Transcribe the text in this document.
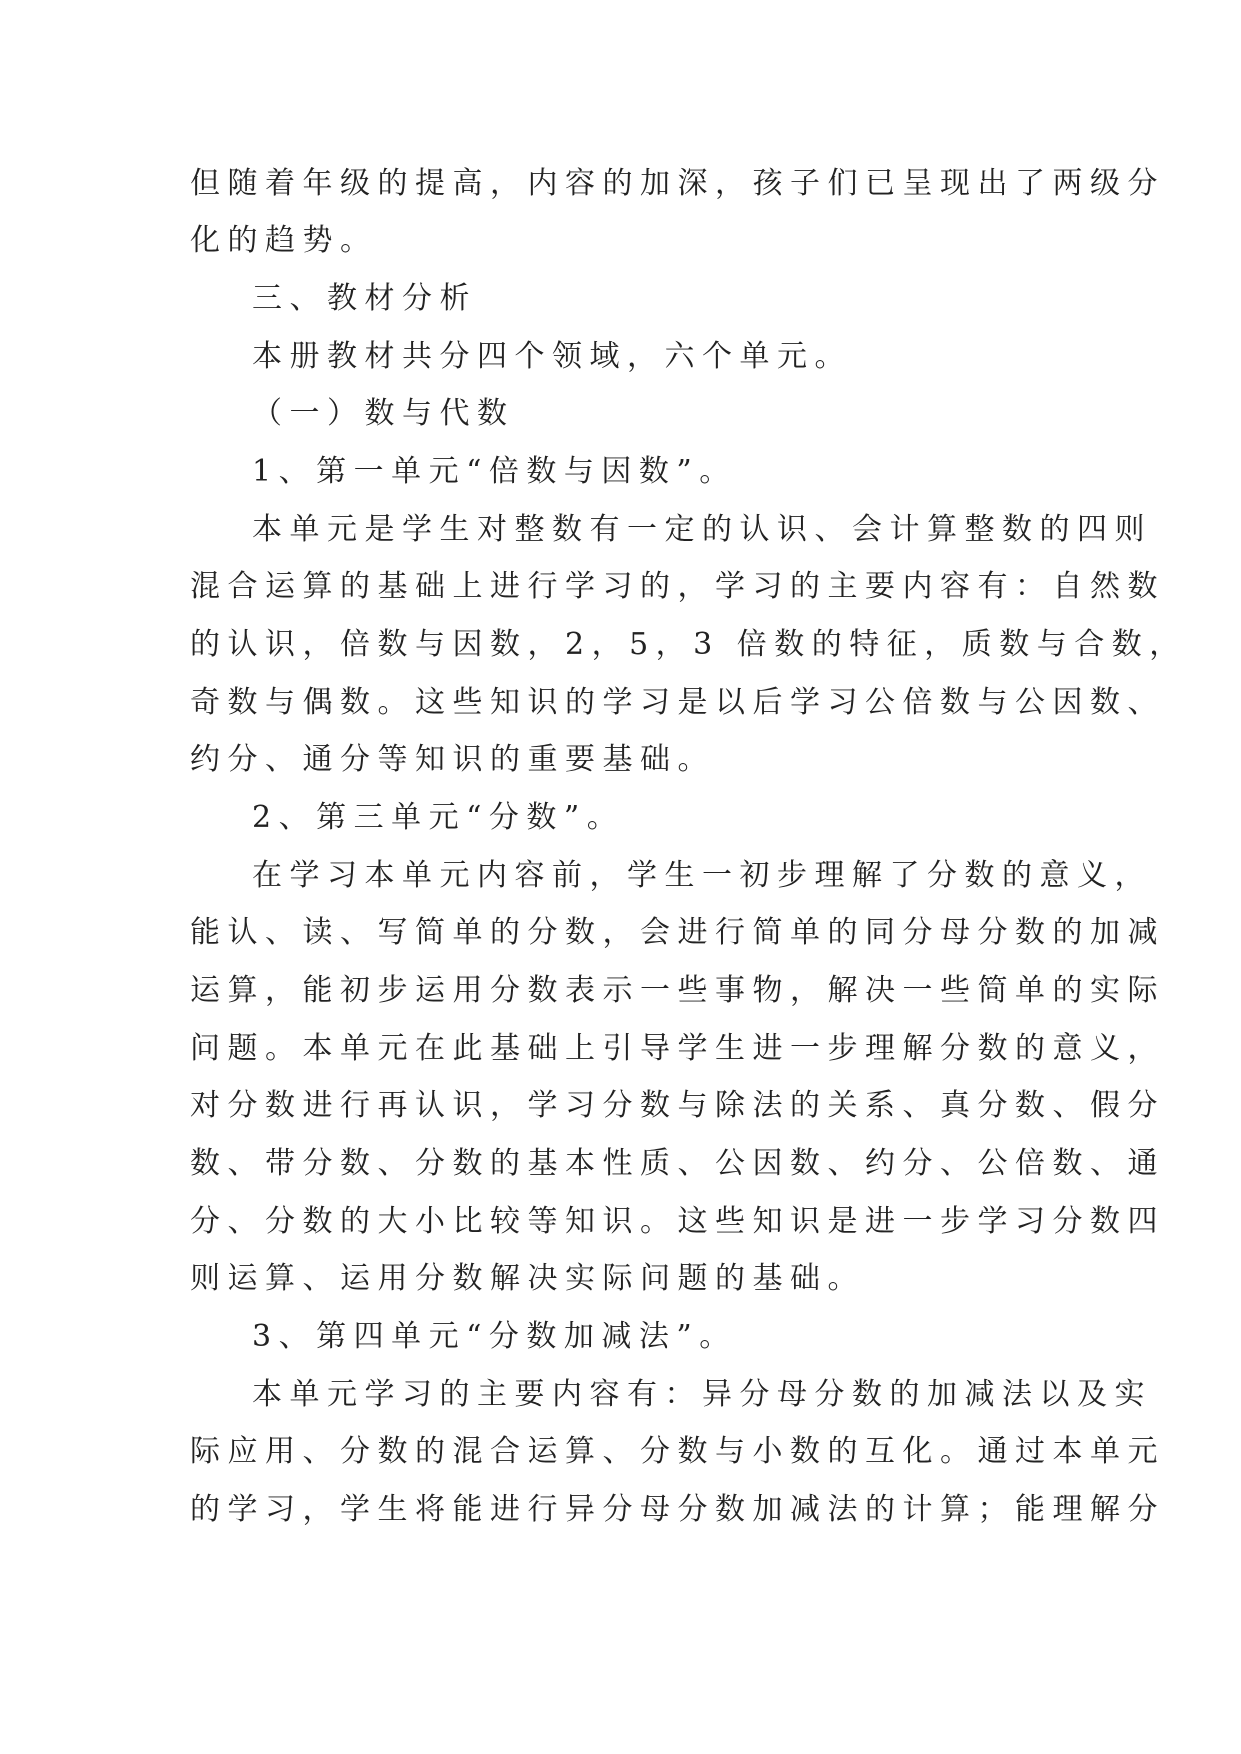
但随着年级的提高，内容的加深，孩子们已呈现出了两级分
化的趋势。
三、教材分析
本册教材共分四个领域，六个单元。
（一）数与代数
1、第一单元“倍数与因数”。
本单元是学生对整数有一定的认识、会计算整数的四则
混合运算的基础上进行学习的，学习的主要内容有：自然数
的认识，倍数与因数，2，5，3 倍数的特征，质数与合数，
奇数与偶数。这些知识的学习是以后学习公倍数与公因数、
约分、通分等知识的重要基础。
2、第三单元“分数”。
在学习本单元内容前，学生一初步理解了分数的意义，
能认、读、写简单的分数，会进行简单的同分母分数的加减
运算，能初步运用分数表示一些事物，解决一些简单的实际
问题。本单元在此基础上引导学生进一步理解分数的意义，
对分数进行再认识，学习分数与除法的关系、真分数、假分
数、带分数、分数的基本性质、公因数、约分、公倍数、通
分、分数的大小比较等知识。这些知识是进一步学习分数四
则运算、运用分数解决实际问题的基础。
3、第四单元“分数加减法”。
本单元学习的主要内容有：异分母分数的加减法以及实
际应用、分数的混合运算、分数与小数的互化。通过本单元
的学习，学生将能进行异分母分数加减法的计算；能理解分
